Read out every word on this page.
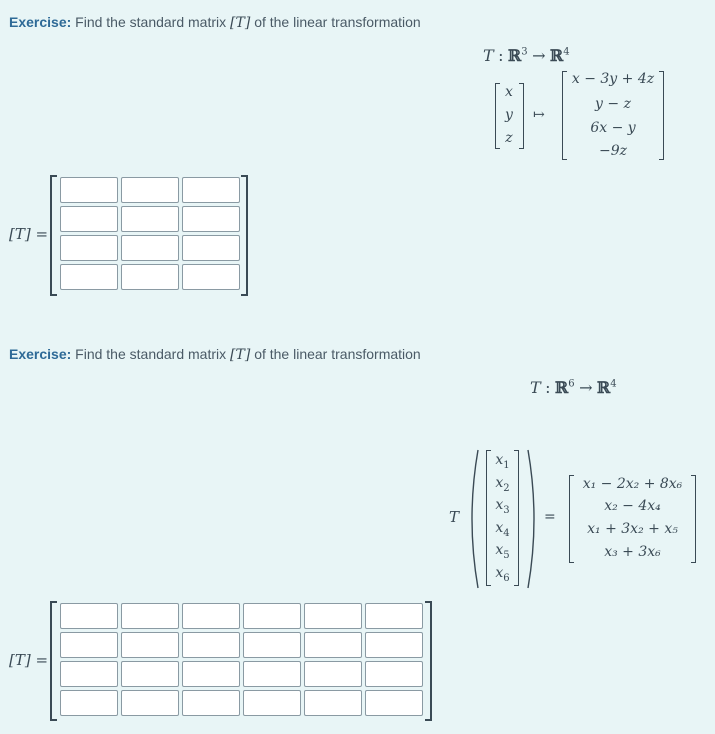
Exercise: Find the standard matrix [T] of the linear transformation
T : ℝ$^3$ → ℝ$^4$
x
y
z
↦
x − 3y + 4z
y − z
6x − y
−9z
[T] =
Exercise: Find the standard matrix [T] of the linear transformation
T : ℝ$^6$ → ℝ$^4$
T
$x_1$
$x_2$
$x_3$
$x_4$
$x_5$
$x_6$
=
x₁ − 2x₂ + 8x₆
x₂ − 4x₄
x₁ + 3x₂ + x₅
x₃ + 3x₆
[T] =
